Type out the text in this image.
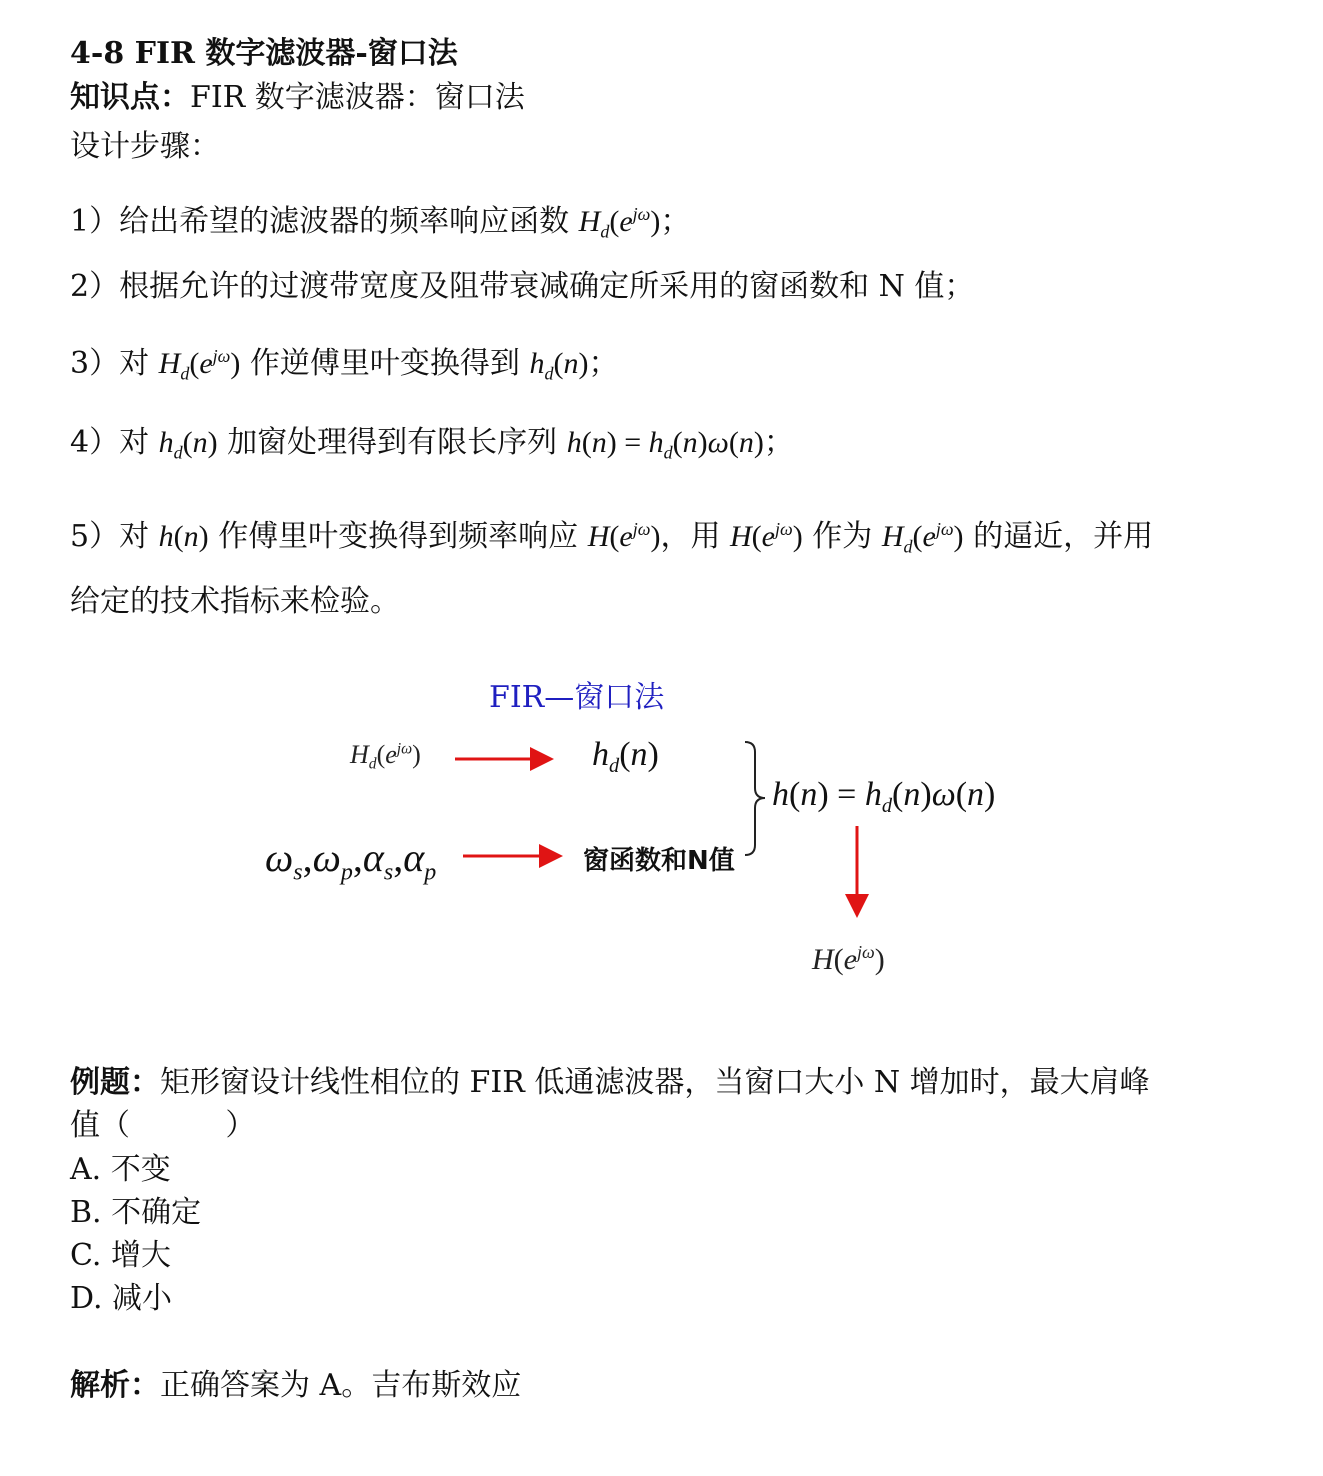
4-8 FIR 数字滤波器-窗口法
知识点：FIR 数字滤波器：窗口法
设计步骤：
1）给出希望的滤波器的频率响应函数 $H_d(e^{j\omega})$；
2）根据允许的过渡带宽度及阻带衰减确定所采用的窗函数和 N 值；
3）对 $H_d(e^{j\omega})$ 作逆傅里叶变换得到 $h_d(n)$；
4）对 $h_d(n)$ 加窗处理得到有限长序列 $h(n) = h_d(n)\omega(n)$；
5）对 h(n) 作傅里叶变换得到频率响应 $H(e^{j\omega})$，用 $H(e^{j\omega})$ 作为 $H_d(e^{j\omega})$ 的逼近，并用
给定的技术指标来检验。
FIR—窗口法
$H_d(e^{j\omega})$	$h_d(n)$
$h(n) = h_d(n)\omega(n)$
$\omega_s,\omega_p,\alpha_s,\alpha_p$	窗函数和N值
$H(e^{j\omega})$
例题：矩形窗设计线性相位的 FIR 低通滤波器，当窗口大小 N 增加时，最大肩峰
值（          ）
A. 不变
B. 不确定
C. 增大
D. 减小
解析：正确答案为 A。吉布斯效应
